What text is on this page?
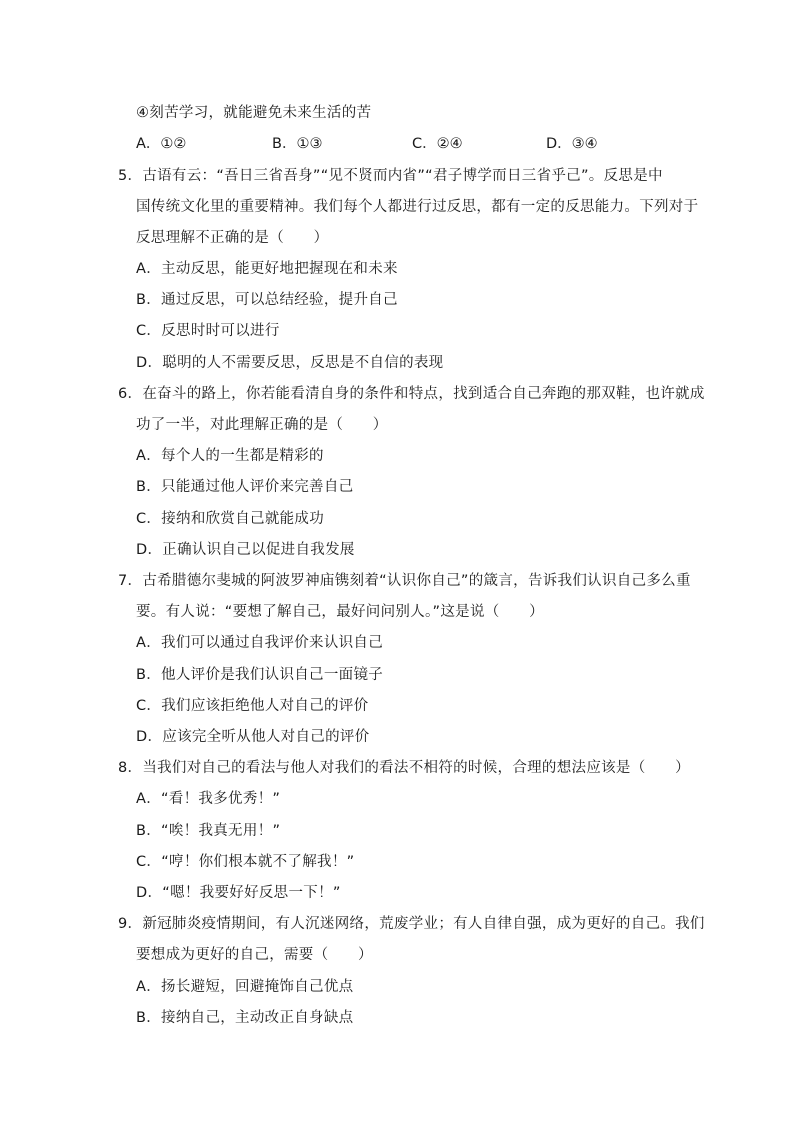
④刻苦学习，就能避免未来生活的苦
A．①②	B．①③	C．②④	D．③④
5．古语有云：“吾日三省吾身”“见不贤而内省”“君子博学而日三省乎己”。反思是中
国传统文化里的重要精神。我们每个人都进行过反思，都有一定的反思能力。下列对于
反思理解不正确的是（　　）
A．主动反思，能更好地把握现在和未来
B．通过反思，可以总结经验，提升自己
C．反思时时可以进行
D．聪明的人不需要反思，反思是不自信的表现
6．在奋斗的路上，你若能看清自身的条件和特点，找到适合自己奔跑的那双鞋，也许就成
功了一半，对此理解正确的是（　　）
A．每个人的一生都是精彩的
B．只能通过他人评价来完善自己
C．接纳和欣赏自己就能成功
D．正确认识自己以促进自我发展
7．古希腊德尔斐城的阿波罗神庙镌刻着“认识你自己”的箴言，告诉我们认识自己多么重
要。有人说：“要想了解自己，最好问问别人。”这是说（　　）
A．我们可以通过自我评价来认识自己
B．他人评价是我们认识自己一面镜子
C．我们应该拒绝他人对自己的评价
D．应该完全听从他人对自己的评价
8．当我们对自己的看法与他人对我们的看法不相符的时候，合理的想法应该是（　　）
A．“看！我多优秀！”
B．“唉！我真无用！”
C．“哼！你们根本就不了解我！”
D．“嗯！我要好好反思一下！”
9．新冠肺炎疫情期间，有人沉迷网络，荒废学业；有人自律自强，成为更好的自己。我们
要想成为更好的自己，需要（　　）
A．扬长避短，回避掩饰自己优点
B．接纳自己，主动改正自身缺点
